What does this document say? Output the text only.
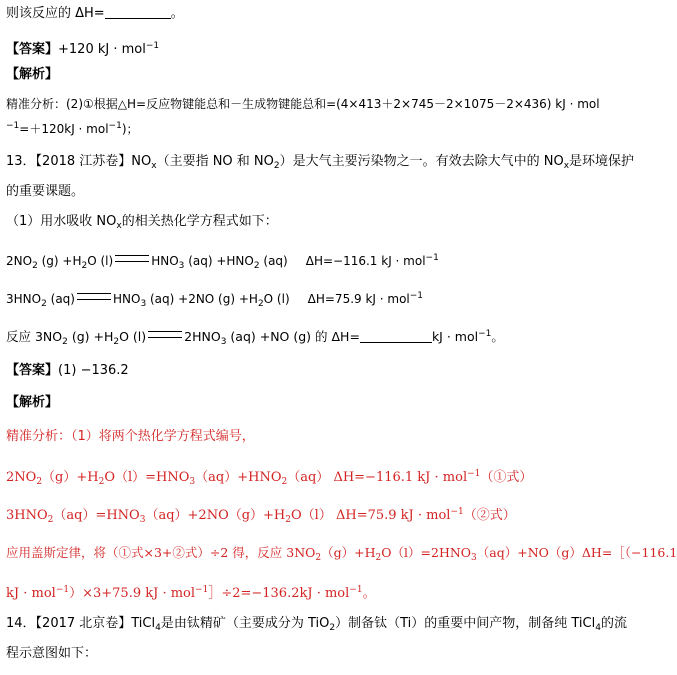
则该反应的 ΔH=	。
【答案】+120 kJ · mol$^{-1}$
【解析】
精准分析：(2)①根据△H=反应物键能总和－生成物键能总和=(4×413＋2×745－2×1075－2×436) kJ · mol
$^{-1}$=＋120kJ · mol$^{-1}$)；
13．【2018 江苏卷】$NO_x$（主要指 NO 和 $NO_2$）是大气主要污染物之一。有效去除大气中的 $NO_x$是环境保护
的重要课题。
（1）用水吸收 $NO_x$的相关热化学方程式如下：
$2NO_2$ $(g) +H_2O$ (l)	$HNO_3$ $(aq) +HNO_2$ (aq) ΔH=−116.1 kJ · mol$^{-1}$
$3HNO_2$ (aq)	$HNO_3$ (aq) +2NO $(g) +H_2O$ (l) ΔH=75.9 kJ · mol$^{-1}$
反应 $3NO_2$ $(g) +H_2O$ (l)	$2HNO_3$ (aq) +NO (g) 的 ΔH=	kJ · mol$^{-1}$。
【答案】(1) −136.2
【解析】
精准分析：（1）将两个热化学方程式编号，
$2NO_2(g)+H_2O(l)=HNO_3(aq)+HNO_2(aq)$ ΔH=−116.1 kJ · mol$^{-1}$（①式）
$3HNO_2(aq)=HNO_3(aq)+2NO(g)+H_2O(l)$ ΔH=75.9 kJ · mol$^{-1}$（②式）
应用盖斯定律，将（①式×3+②式）÷2 得，反应 $3NO_2(g)+H_2O(l)=2HNO_3(aq)+NO(g)\Delta H=[(-116.1$
kJ · mol$^{-1}$）×3+75.9 kJ · mol$^{-1}$］÷2=−136.2kJ · mol$^{-1}$。
14．【2017 北京卷】TiCl$_4$是由钛精矿（主要成分为 TiO$_2$）制备钛（Ti）的重要中间产物，制备纯 TiCl$_4$的流
程示意图如下：
